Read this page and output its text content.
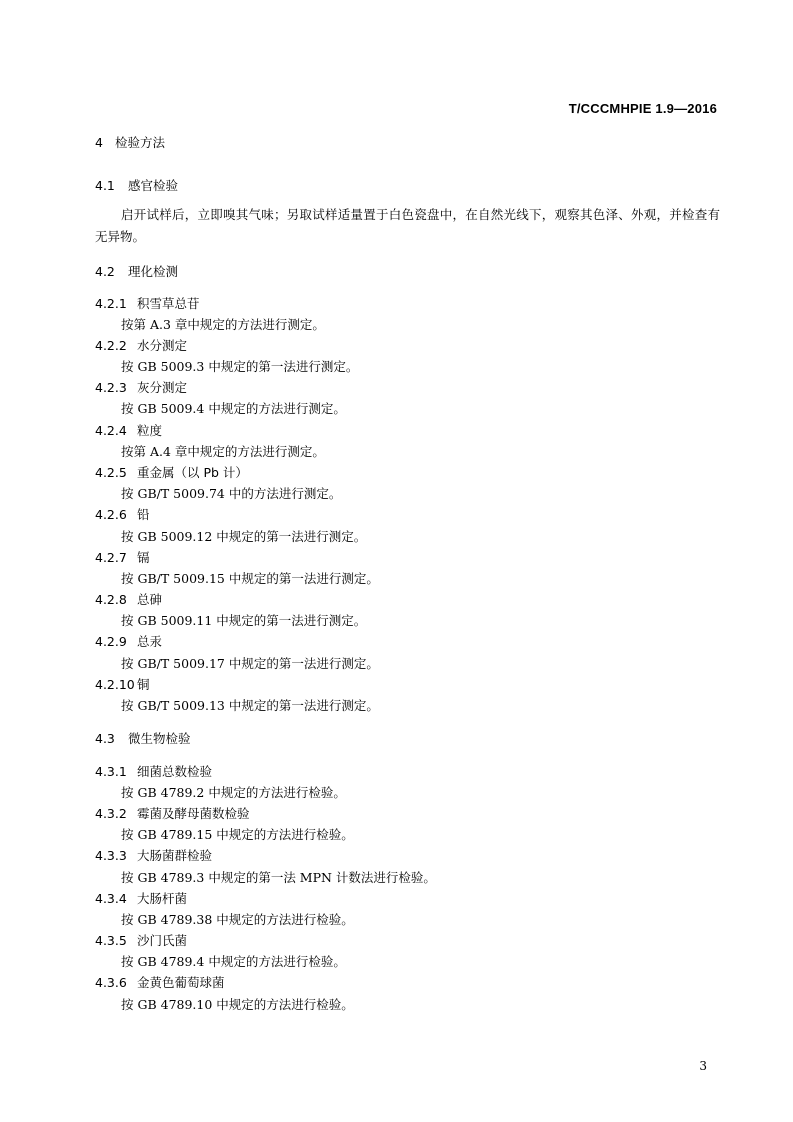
T/CCCMHPIE 1.9—2016
4 检验方法
4.1 感官检验
启开试样后，立即嗅其气味；另取试样适量置于白色瓷盘中，在自然光线下，观察其色泽、外观，并检查有无异物。
4.2 理化检测
4.2.1 积雪草总苷
按第 A.3 章中规定的方法进行测定。
4.2.2 水分测定
按 GB 5009.3 中规定的第一法进行测定。
4.2.3 灰分测定
按 GB 5009.4 中规定的方法进行测定。
4.2.4 粒度
按第 A.4 章中规定的方法进行测定。
4.2.5 重金属（以 Pb 计）
按 GB/T 5009.74 中的方法进行测定。
4.2.6 铅
按 GB 5009.12 中规定的第一法进行测定。
4.2.7 镉
按 GB/T 5009.15 中规定的第一法进行测定。
4.2.8 总砷
按 GB 5009.11 中规定的第一法进行测定。
4.2.9 总汞
按 GB/T 5009.17 中规定的第一法进行测定。
4.2.10 铜
按 GB/T 5009.13 中规定的第一法进行测定。
4.3 微生物检验
4.3.1 细菌总数检验
按 GB 4789.2 中规定的方法进行检验。
4.3.2 霉菌及酵母菌数检验
按 GB 4789.15 中规定的方法进行检验。
4.3.3 大肠菌群检验
按 GB 4789.3 中规定的第一法 MPN 计数法进行检验。
4.3.4 大肠杆菌
按 GB 4789.38 中规定的方法进行检验。
4.3.5 沙门氏菌
按 GB 4789.4 中规定的方法进行检验。
4.3.6 金黄色葡萄球菌
按 GB 4789.10 中规定的方法进行检验。
3
